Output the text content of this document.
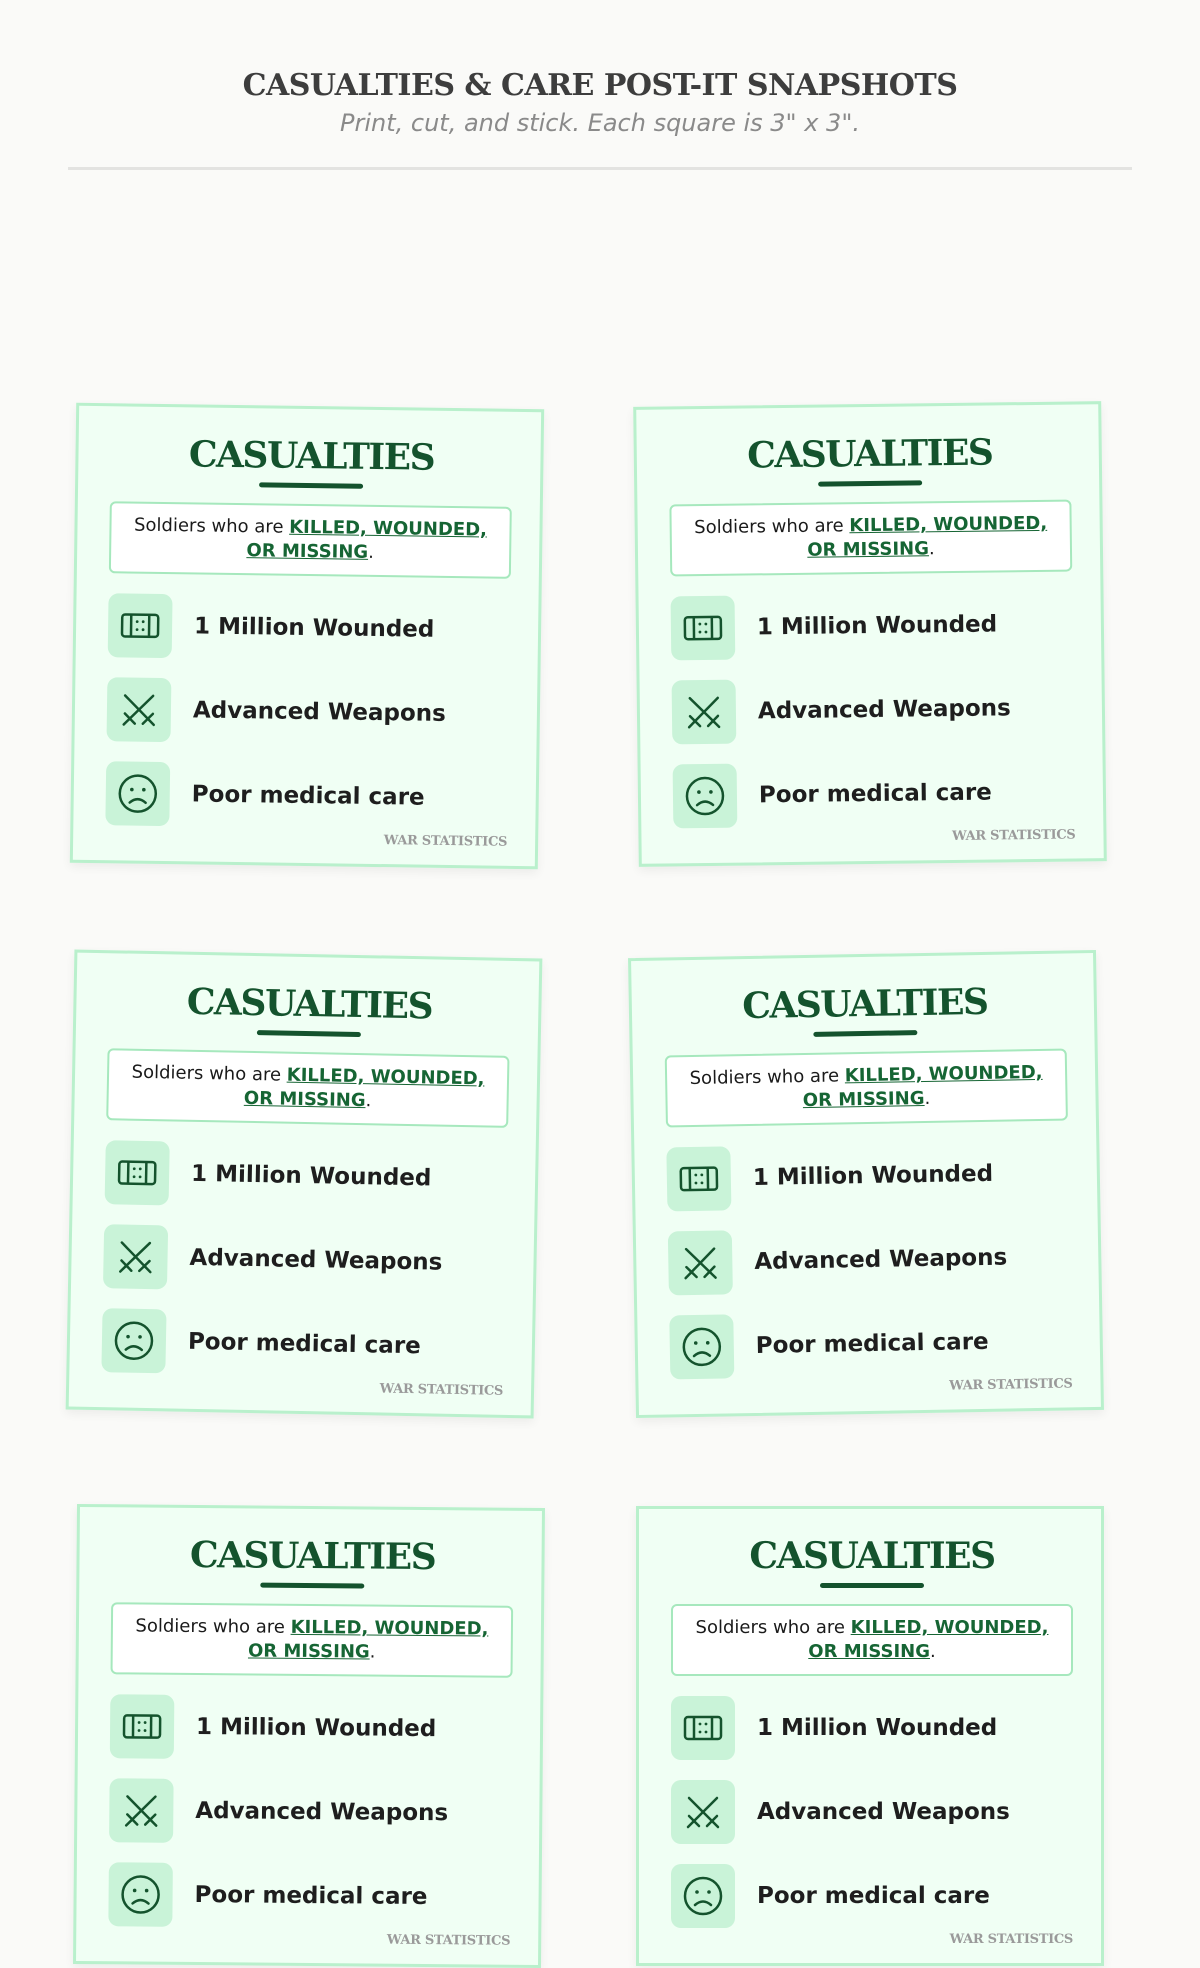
CASUALTIES & CARE POST-IT SNAPSHOTS

Print, cut, and stick. Each square is 3" x 3".

CASUALTIES
Soldiers who are KILLED, WOUNDED,
OR MISSING.
1 Million Wounded
Advanced Weapons
Poor medical care
WAR STATISTICS
CASUALTIES
Soldiers who are KILLED, WOUNDED,
OR MISSING.
1 Million Wounded
Advanced Weapons
Poor medical care
WAR STATISTICS
CASUALTIES
Soldiers who are KILLED, WOUNDED,
OR MISSING.
1 Million Wounded
Advanced Weapons
Poor medical care
WAR STATISTICS
CASUALTIES
Soldiers who are KILLED, WOUNDED,
OR MISSING.
1 Million Wounded
Advanced Weapons
Poor medical care
WAR STATISTICS
CASUALTIES
Soldiers who are KILLED, WOUNDED,
OR MISSING.
1 Million Wounded
Advanced Weapons
Poor medical care
WAR STATISTICS
CASUALTIES
Soldiers who are KILLED, WOUNDED,
OR MISSING.
1 Million Wounded
Advanced Weapons
Poor medical care
WAR STATISTICS
